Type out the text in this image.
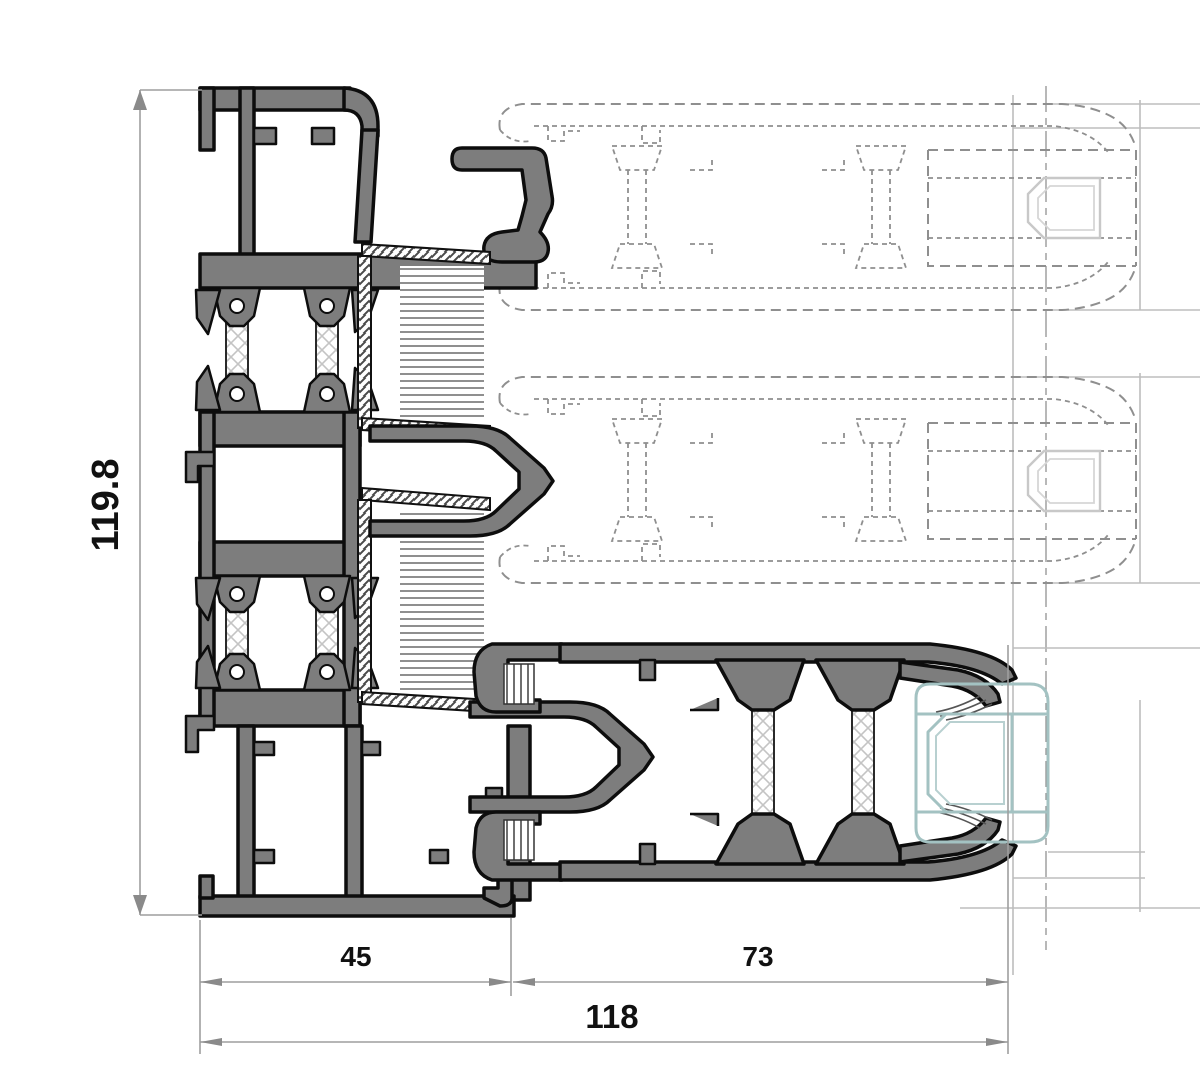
119.8
45	73
118
